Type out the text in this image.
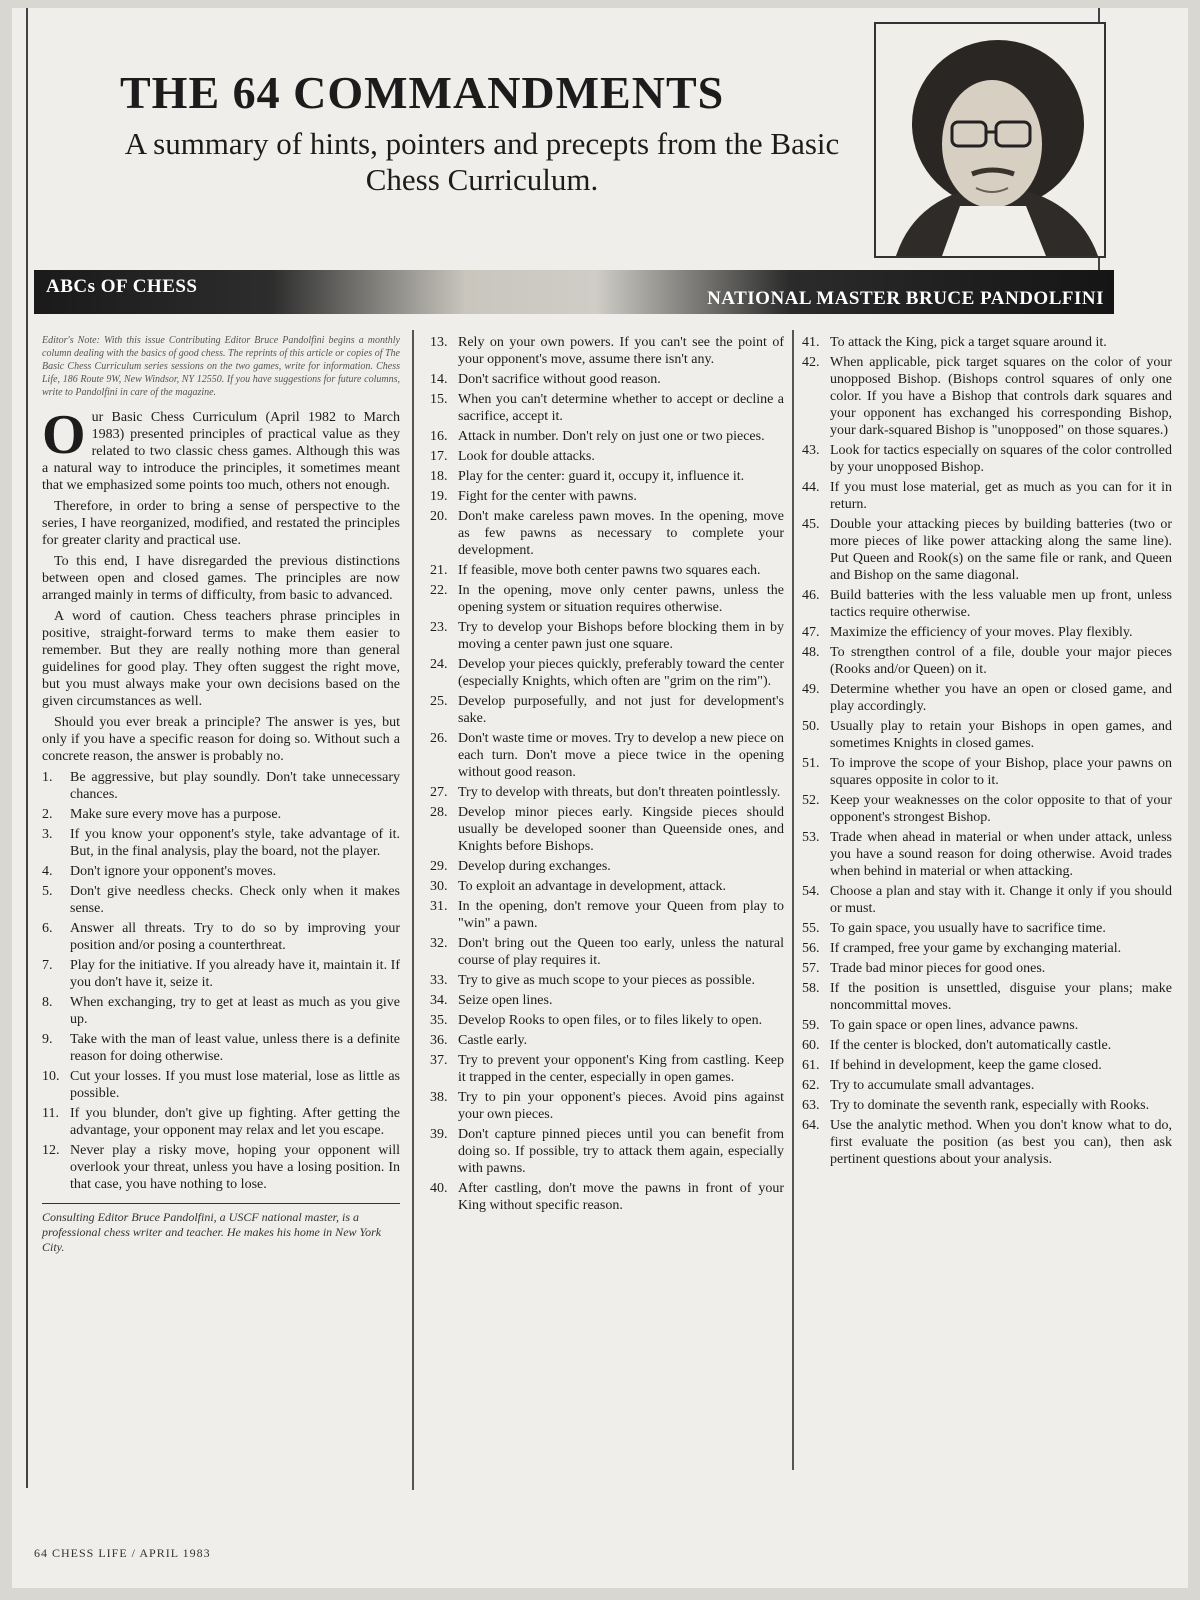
THE 64 COMMANDMENTS
A summary of hints, pointers and precepts from the Basic Chess Curriculum.
ABCs OF CHESS
NATIONAL MASTER BRUCE PANDOLFINI

Editor's Note: With this issue Contributing Editor Bruce Pandolfini begins a monthly column dealing with the basics of good chess. The reprints of this article or copies of The Basic Chess Curriculum series sessions on the two games, write for information. Chess Life, 186 Route 9W, New Windsor, NY 12550. If you have suggestions for future columns, write to Pandolfini in care of the magazine.

Our Basic Chess Curriculum (April 1982 to March 1983) presented principles of practical value as they related to two classic chess games. Although this was a natural way to introduce the principles, it sometimes meant that we emphasized some points too much, others not enough.

Therefore, in order to bring a sense of perspective to the series, I have reorganized, modified, and restated the principles for greater clarity and practical use.

To this end, I have disregarded the previous distinctions between open and closed games. The principles are now arranged mainly in terms of difficulty, from basic to advanced.

A word of caution. Chess teachers phrase principles in positive, straight-forward terms to make them easier to remember. But they are really nothing more than general guidelines for good play. They often suggest the right move, but you must always make your own decisions based on the given circumstances as well.

Should you ever break a principle? The answer is yes, but only if you have a specific reason for doing so. Without such a concrete reason, the answer is probably no.

1.	Be aggressive, but play soundly. Don't take unnecessary chances.
2.	Make sure every move has a purpose.
3.	If you know your opponent's style, take advantage of it. But, in the final analysis, play the board, not the player.
4.	Don't ignore your opponent's moves.
5.	Don't give needless checks. Check only when it makes sense.
6.	Answer all threats. Try to do so by improving your position and/or posing a counterthreat.
7.	Play for the initiative. If you already have it, maintain it. If you don't have it, seize it.
8.	When exchanging, try to get at least as much as you give up.
9.	Take with the man of least value, unless there is a definite reason for doing otherwise.
10. Cut your losses. If you must lose material, lose as little as possible.
11. If you blunder, don't give up fighting. After getting the advantage, your opponent may relax and let you escape.
12. Never play a risky move, hoping your opponent will overlook your threat, unless you have a losing position. In that case, you have nothing to lose.
Consulting Editor Bruce Pandolfini, a USCF national master, is a professional chess writer and teacher. He makes his home in New York City.
13. Rely on your own powers. If you can't see the point of your opponent's move, assume there isn't any.
14. Don't sacrifice without good reason.
15. When you can't determine whether to accept or decline a sacrifice, accept it.
16. Attack in number. Don't rely on just one or two pieces.
17. Look for double attacks.
18. Play for the center: guard it, occupy it, influence it.
19. Fight for the center with pawns.
20. Don't make careless pawn moves. In the opening, move as few pawns as necessary to complete your development.
21. If feasible, move both center pawns two squares each.
22. In the opening, move only center pawns, unless the opening system or situation requires otherwise.
23. Try to develop your Bishops before blocking them in by moving a center pawn just one square.
24. Develop your pieces quickly, preferably toward the center (especially Knights, which often are "grim on the rim").
25. Develop purposefully, and not just for development's sake.
26. Don't waste time or moves. Try to develop a new piece on each turn. Don't move a piece twice in the opening without good reason.
27. Try to develop with threats, but don't threaten pointlessly.
28. Develop minor pieces early. Kingside pieces should usually be developed sooner than Queenside ones, and Knights before Bishops.
29. Develop during exchanges.
30. To exploit an advantage in development, attack.
31. In the opening, don't remove your Queen from play to "win" a pawn.
32. Don't bring out the Queen too early, unless the natural course of play requires it.
33. Try to give as much scope to your pieces as possible.
34. Seize open lines.
35. Develop Rooks to open files, or to files likely to open.
36. Castle early.
37. Try to prevent your opponent's King from castling. Keep it trapped in the center, especially in open games.
38. Try to pin your opponent's pieces. Avoid pins against your own pieces.
39. Don't capture pinned pieces until you can benefit from doing so. If possible, try to attack them again, especially with pawns.
40. After castling, don't move the pawns in front of your King without specific reason.
41. To attack the King, pick a target square around it.
42. When applicable, pick target squares on the color of your unopposed Bishop. (Bishops control squares of only one color. If you have a Bishop that controls dark squares and your opponent has exchanged his corresponding Bishop, your dark-squared Bishop is "unopposed" on those squares.)
43. Look for tactics especially on squares of the color controlled by your unopposed Bishop.
44. If you must lose material, get as much as you can for it in return.
45. Double your attacking pieces by building batteries (two or more pieces of like power attacking along the same line). Put Queen and Rook(s) on the same file or rank, and Queen and Bishop on the same diagonal.
46. Build batteries with the less valuable men up front, unless tactics require otherwise.
47. Maximize the efficiency of your moves. Play flexibly.
48. To strengthen control of a file, double your major pieces (Rooks and/or Queen) on it.
49. Determine whether you have an open or closed game, and play accordingly.
50. Usually play to retain your Bishops in open games, and sometimes Knights in closed games.
51. To improve the scope of your Bishop, place your pawns on squares opposite in color to it.
52. Keep your weaknesses on the color opposite to that of your opponent's strongest Bishop.
53. Trade when ahead in material or when under attack, unless you have a sound reason for doing otherwise. Avoid trades when behind in material or when attacking.
54. Choose a plan and stay with it. Change it only if you should or must.
55. To gain space, you usually have to sacrifice time.
56. If cramped, free your game by exchanging material.
57. Trade bad minor pieces for good ones.
58. If the position is unsettled, disguise your plans; make noncommittal moves.
59. To gain space or open lines, advance pawns.
60. If the center is blocked, don't automatically castle.
61. If behind in development, keep the game closed.
62. Try to accumulate small advantages.
63. Try to dominate the seventh rank, especially with Rooks.
64. Use the analytic method. When you don't know what to do, first evaluate the position (as best you can), then ask pertinent questions about your analysis.
64 CHESS LIFE / APRIL 1983
